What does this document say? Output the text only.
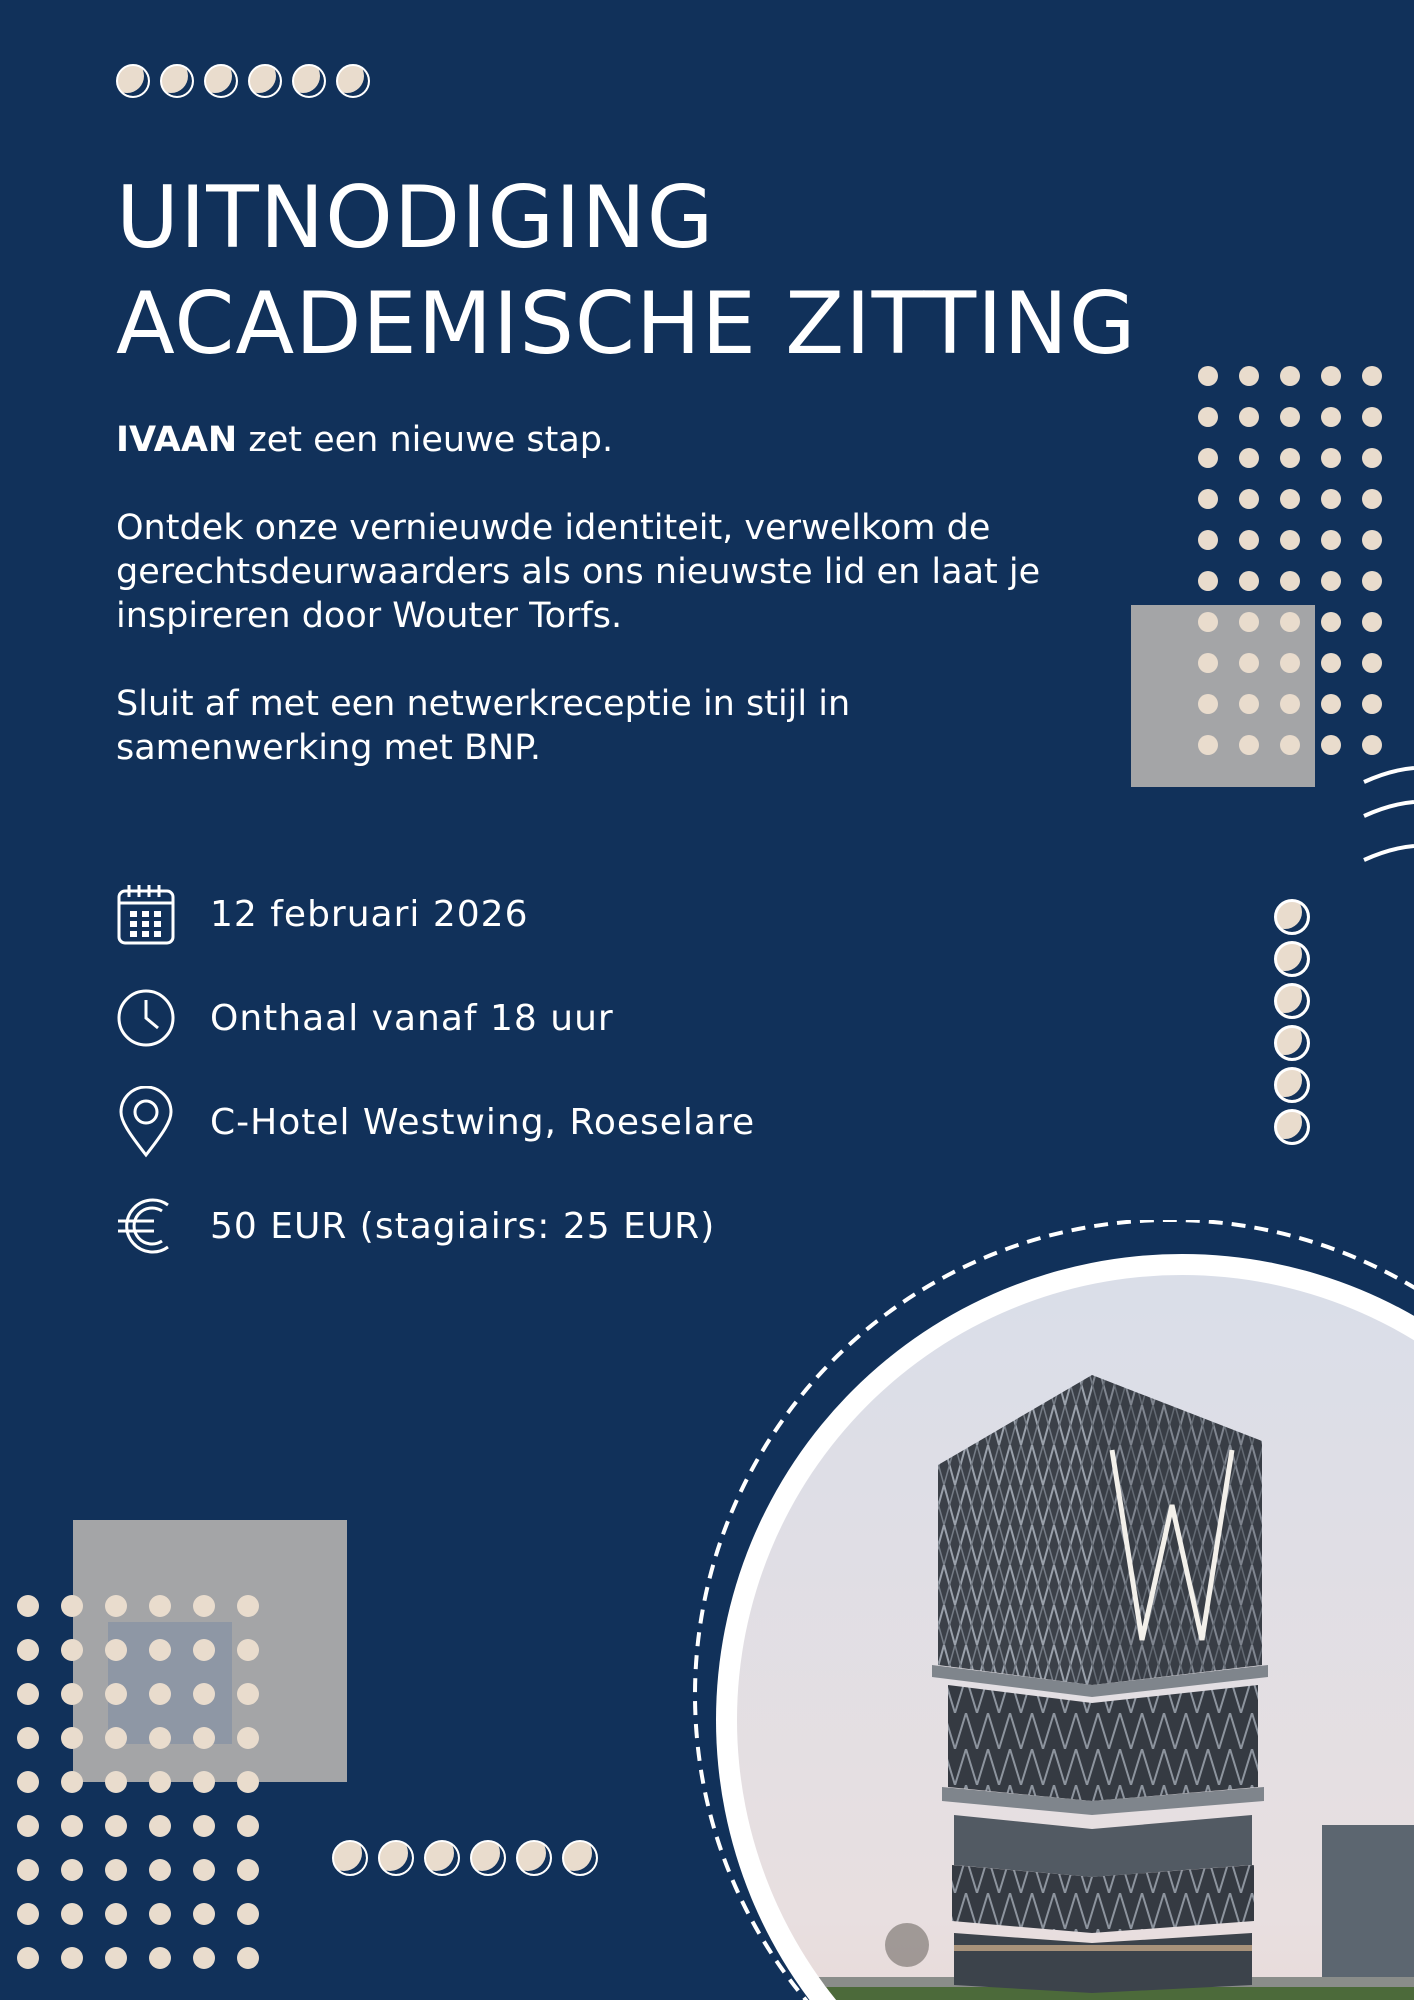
UITNODIGING
ACADEMISCHE ZITTING

IVAAN zet een nieuwe stap.

Ontdek onze vernieuwde identiteit, verwelkom de gerechtsdeurwaarders als ons nieuwste lid en laat je inspireren door Wouter Torfs.

Sluit af met een netwerkreceptie in stijl in samenwerking met BNP.

12 februari 2026
Onthaal vanaf 18 uur
C-Hotel Westwing, Roeselare
50 EUR (stagiairs: 25 EUR)
